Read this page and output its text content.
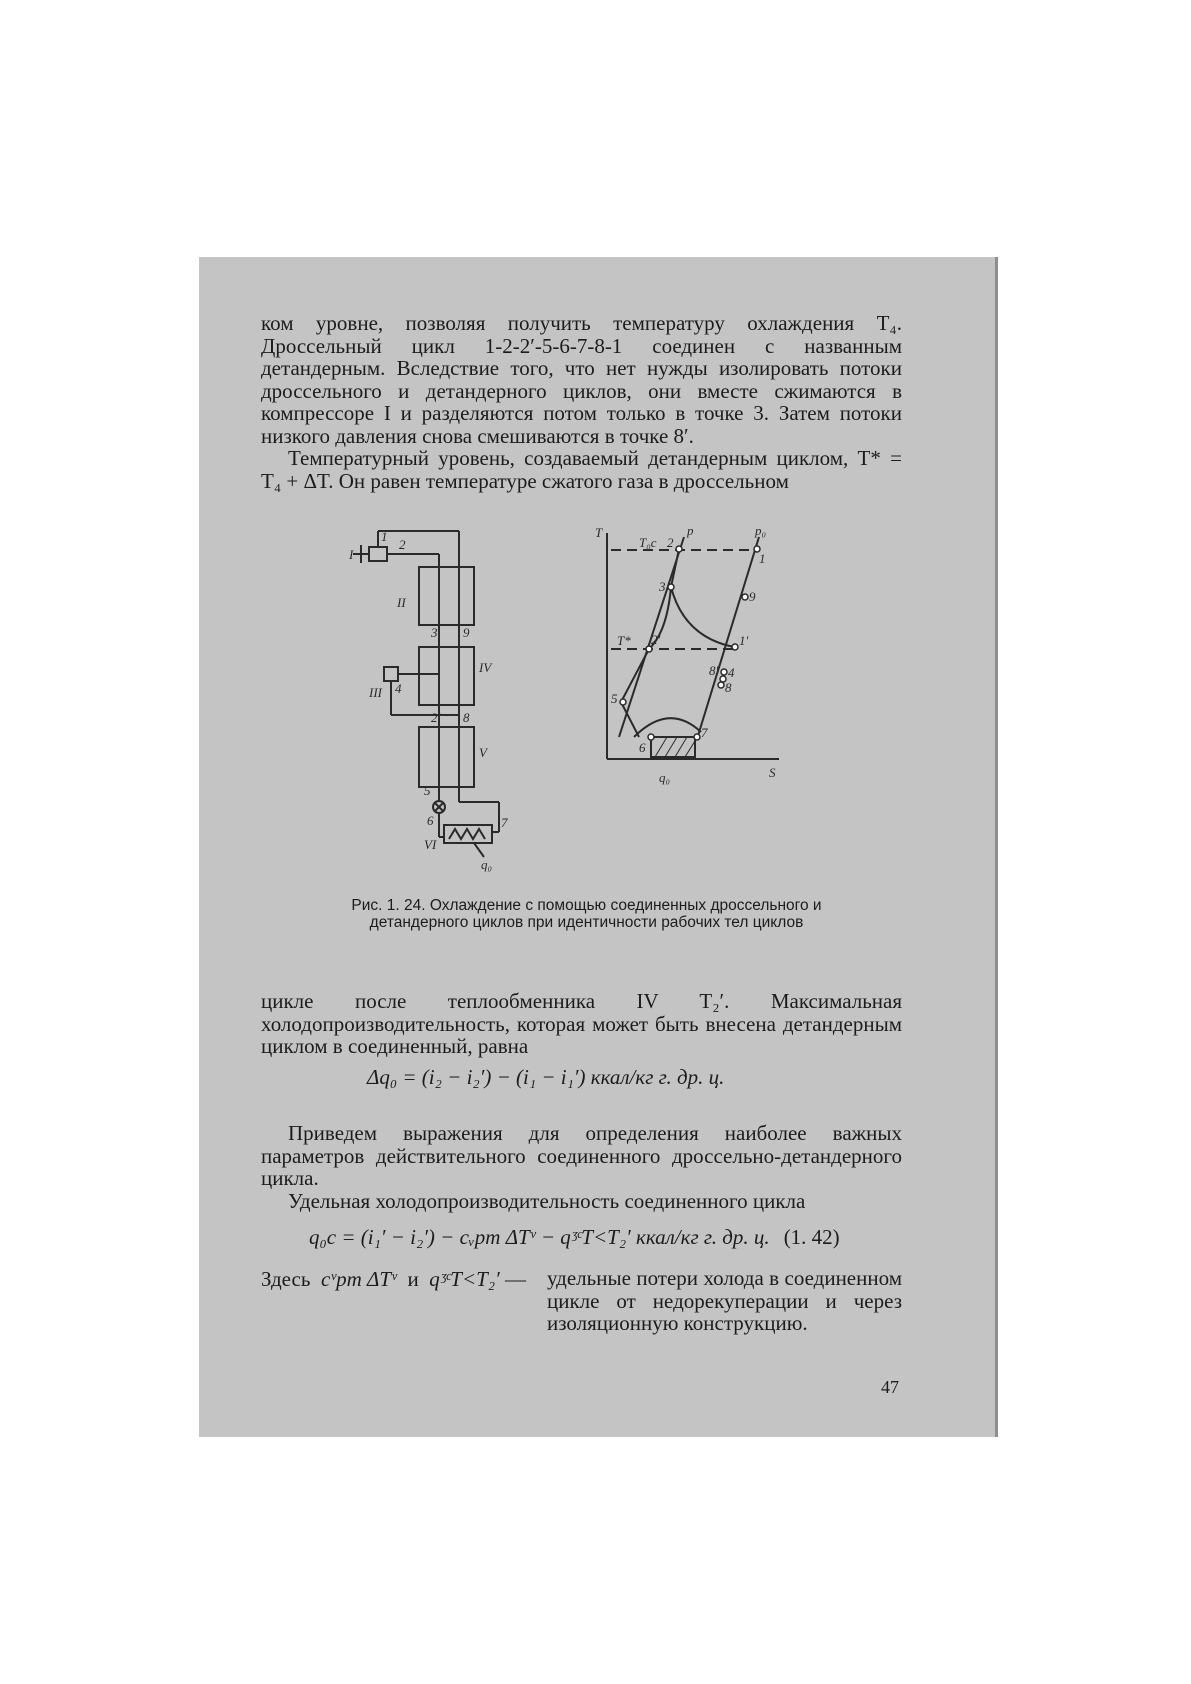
ком уровне, позволяя получить температуру охлаждения T₄. Дроссельный цикл 1-2-2′-5-6-7-8-1 соединен с названным детандерным. Вследствие того, что нет нужды изолировать потоки дроссельного и детандерного циклов, они вместе сжимаются в компрессоре I и разделяются потом только в точке 3. Затем потоки низкого давления снова смешиваются в точке 8′.

Температурный уровень, создаваемый детандерным циклом, T* = T₄ + ΔT. Он равен температуре сжатого газа в дроссельном

I
II
III
IV
V
VI
1
2
3
4
9
2′ 8
5
6	7
q₀
T
S
p	p₀
T₀с
T*
1
2
3
9
2′	1′
8′ 4
8
5
6
7
q₀

Рис. 1. 24. Охлаждение с помощью соединенных дроссельного и детандерного циклов при идентичности рабочих тел циклов

цикле после теплообменника IV T₂′. Максимальная холодопроизводительность, которая может быть внесена детандерным циклом в соединенный, равна

Δq₀ = (i₂ − i₂′) − (i₁ − i₁′) ккал/кг г. др. ц.

Приведем выражения для определения наиболее важных параметров действительного соединенного дроссельно-детандерного цикла.

Удельная холодопроизводительность соединенного цикла

q₀с = (i₁′ − i₂′) − cᵥpm ΔTᵛ − qᶾᶜT<T₂′ ккал/кг г. др. ц. (1. 42)

Здесь cᵛpm ΔTᵛ и qᶾᶜT<T₂′ — удельные потери холода в соединенном цикле от недорекуперации и через изоляционную конструкцию.

47
